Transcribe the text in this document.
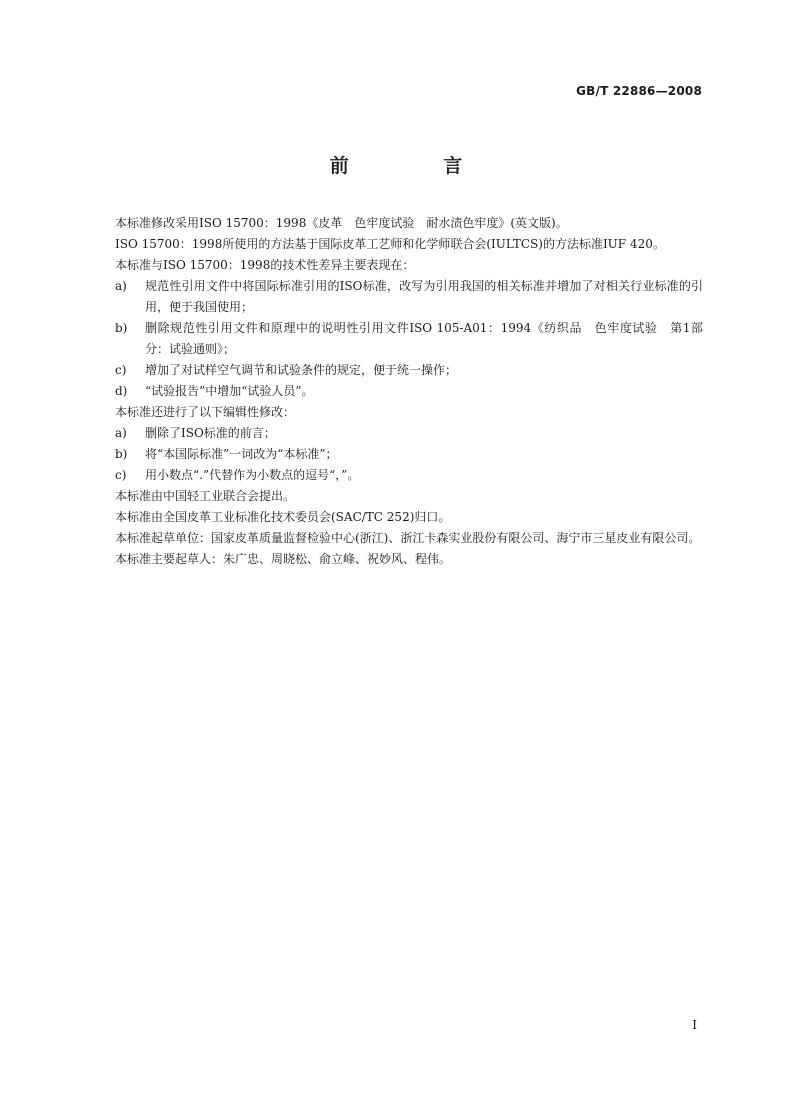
GB/T 22886—2008
前 言

本标准修改采用ISO 15700：1998《皮革　色牢度试验　耐水渍色牢度》(英文版)。

ISO 15700：1998所使用的方法基于国际皮革工艺师和化学师联合会(IULTCS)的方法标准IUF 420。

本标准与ISO 15700：1998的技术性差异主要表现在：

a) 规范性引用文件中将国际标准引用的ISO标准，改写为引用我国的相关标准并增加了对相关行业标准的引用，便于我国使用；

b) 删除规范性引用文件和原理中的说明性引用文件ISO 105-A01：1994《纺织品　色牢度试验　第1部分：试验通则》；

c) 增加了对试样空气调节和试验条件的规定，便于统一操作；

d) “试验报告”中增加“试验人员”。

本标准还进行了以下编辑性修改：

a) 删除了ISO标准的前言；

b) 将“本国际标准”一词改为“本标准”；

c) 用小数点“.”代替作为小数点的逗号“，”。

本标准由中国轻工业联合会提出。

本标准由全国皮革工业标准化技术委员会(SAC/TC 252)归口。

本标准起草单位：国家皮革质量监督检验中心(浙江)、浙江卡森实业股份有限公司、海宁市三星皮业有限公司。

本标准主要起草人：朱广忠、周晓松、俞立峰、祝妙风、程伟。

I
